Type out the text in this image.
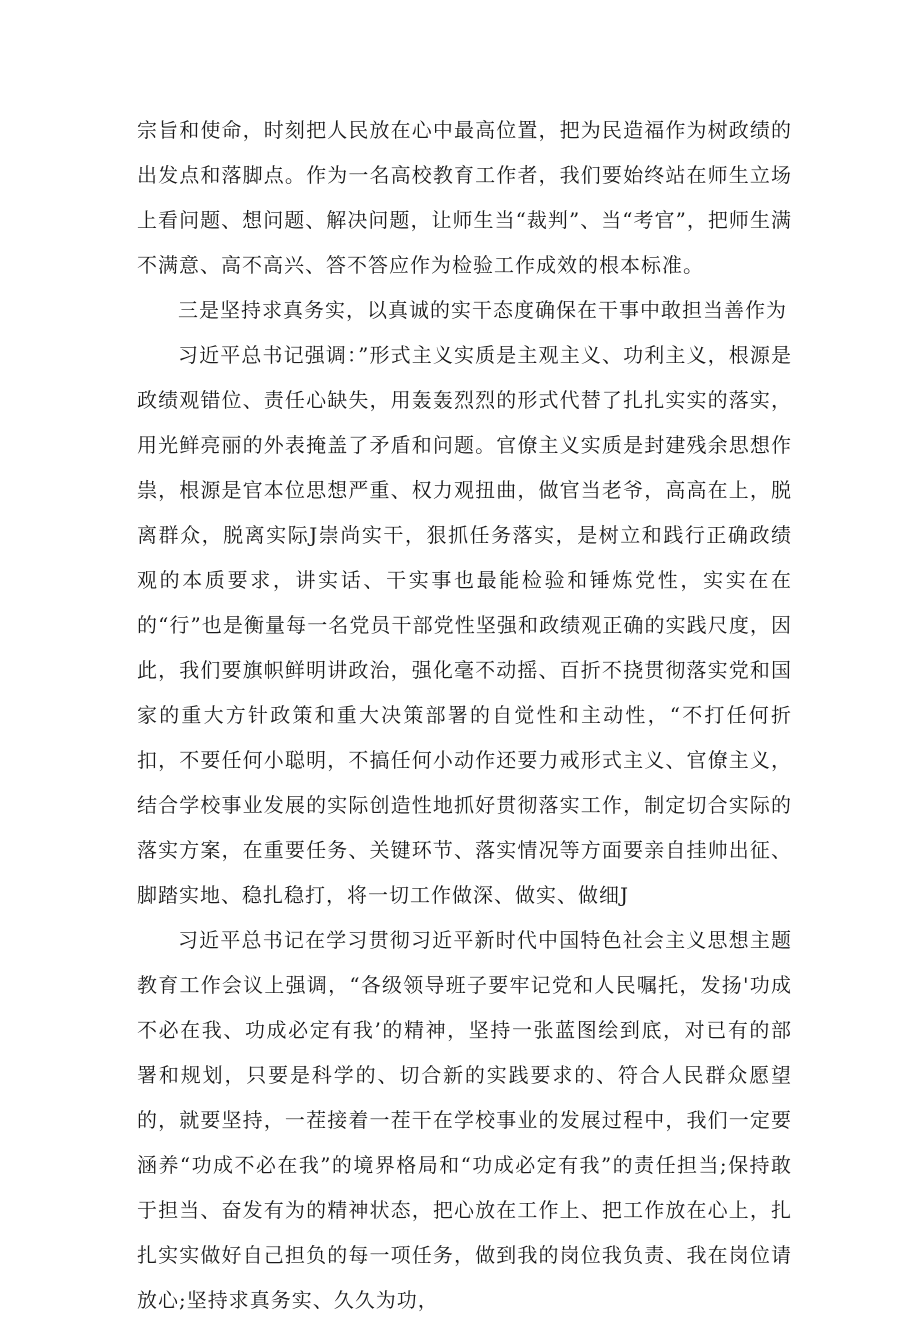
宗旨和使命，时刻把人民放在心中最高位置，把为民造福作为树政绩的出发点和落脚点。作为一名高校教育工作者，我们要始终站在师生立场上看问题、想问题、解决问题，让师生当“裁判”、当“考官”，把师生满不满意、高不高兴、答不答应作为检验工作成效的根本标准。

三是坚持求真务实，以真诚的实干态度确保在干事中敢担当善作为

习近平总书记强调：”形式主义实质是主观主义、功利主义，根源是政绩观错位、责任心缺失，用轰轰烈烈的形式代替了扎扎实实的落实，用光鲜亮丽的外表掩盖了矛盾和问题。官僚主义实质是封建残余思想作祟，根源是官本位思想严重、权力观扭曲，做官当老爷，高高在上，脱离群众，脱离实际J崇尚实干，狠抓任务落实，是树立和践行正确政绩观的本质要求，讲实话、干实事也最能检验和锤炼党性，实实在在的“行”也是衡量每一名党员干部党性坚强和政绩观正确的实践尺度，因此，我们要旗帜鲜明讲政治，强化毫不动摇、百折不挠贯彻落实党和国家的重大方针政策和重大决策部署的自觉性和主动性，“不打任何折扣，不要任何小聪明，不搞任何小动作还要力戒形式主义、官僚主义，结合学校事业发展的实际创造性地抓好贯彻落实工作，制定切合实际的落实方案，在重要任务、关键环节、落实情况等方面要亲自挂帅出征、脚踏实地、稳扎稳打，将一切工作做深、做实、做细J

习近平总书记在学习贯彻习近平新时代中国特色社会主义思想主题教育工作会议上强调，“各级领导班子要牢记党和人民嘱托，发扬'功成不必在我、功成必定有我’的精神，坚持一张蓝图绘到底，对已有的部署和规划，只要是科学的、切合新的实践要求的、符合人民群众愿望的，就要坚持，一茬接着一茬干在学校事业的发展过程中，我们一定要涵养“功成不必在我”的境界格局和“功成必定有我”的责任担当;保持敢于担当、奋发有为的精神状态，把心放在工作上、把工作放在心上，扎扎实实做好自己担负的每一项任务，做到我的岗位我负责、我在岗位请放心;坚持求真务实、久久为功，
